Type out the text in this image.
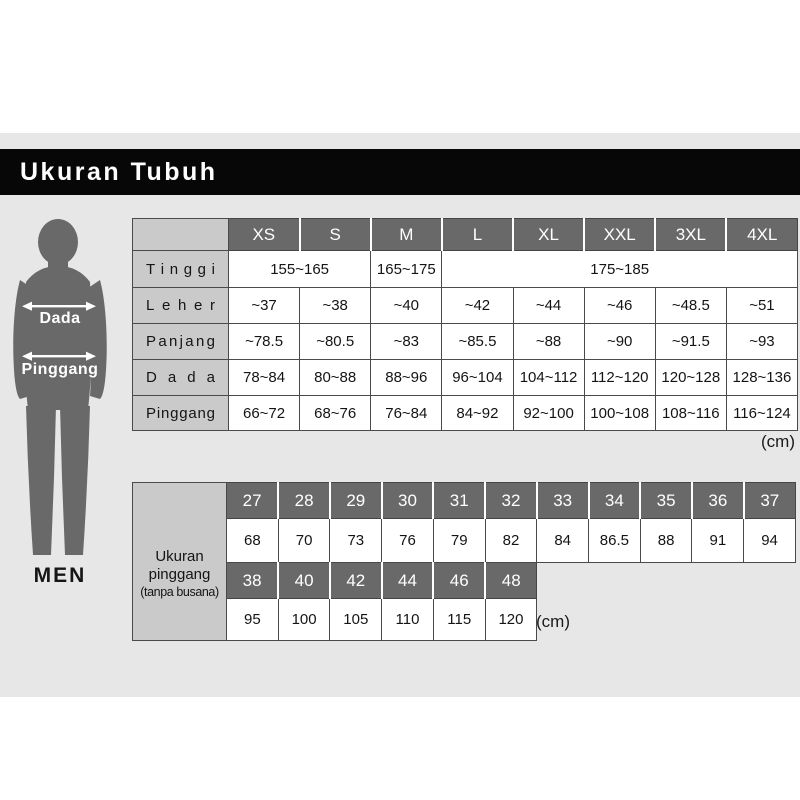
Ukuran Tubuh
Dada
Pinggang
MEN
	XS	S	M	L	XL	XXL	3XL	4XL

T i n g g i	155~165	165~175	175~185

L e h e r	~37	~38	~40	~42	~44	~46	~48.5	~51

P a n j a n g	~78.5	~80.5	~83	~85.5	~88	~90	~91.5	~93

D a d a	78~84	80~88	88~96	96~104	104~112	112~120	120~128	128~136

P i n g g a n g	66~72	68~76	76~84	84~92	92~100	100~108	108~116	116~124
(cm)
Ukuran
pinggang
(tanpa busana)	27	28	29	30	31	32	33	34	35	36	37
	68	70	73	76	79	82	84	86.5	88	91	94
	38	40	42	44	46	48					
	95	100	105	110	115	120					(cm)
